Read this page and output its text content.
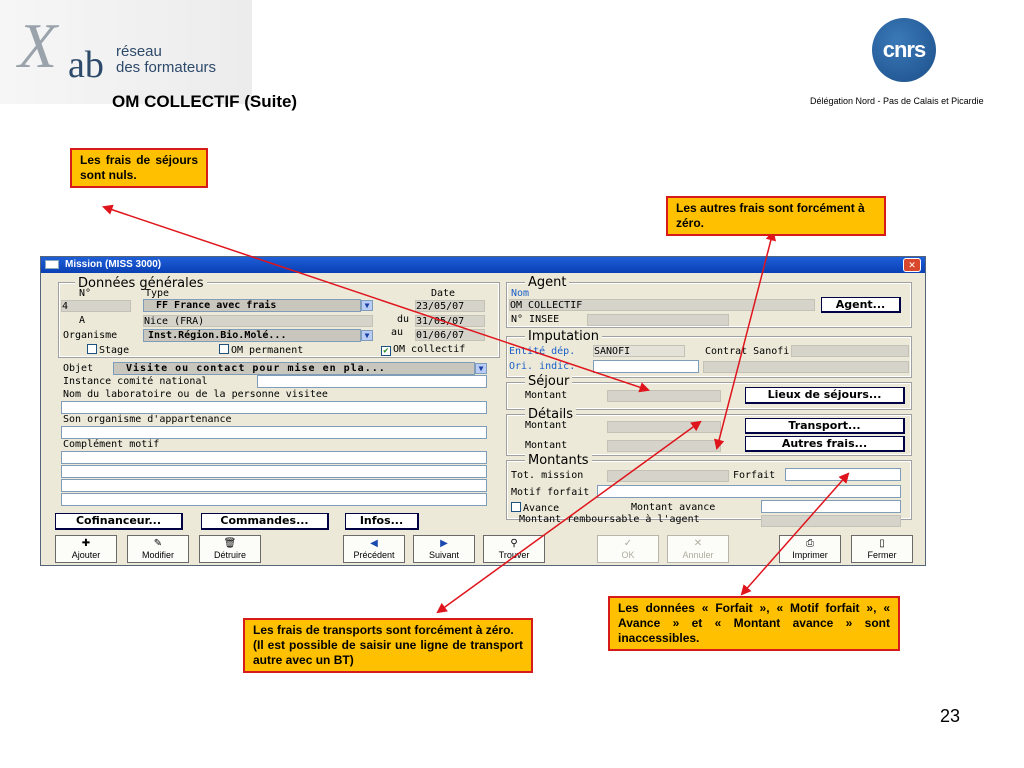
X ab réseau
des formateurs
OM COLLECTIF (Suite)
cnrs
Délégation Nord - Pas de Calais et Picardie
23
Mission (MISS 3000)	✕
Données générales
N°	Type	Date
4	FF France avec frais	▼	23/05/07
A	Nice (FRA)	du 31/05/07
Organisme	Inst.Région.Bio.Molé...	▼	au 01/06/07
Stage	OM permanent	✔ OM collectif
Objet	Visite ou contact pour mise en pla...	▼
Instance comité national
Nom du laboratoire ou de la personne visitee
Son organisme d'appartenance
Complément motif
Cofinanceur...	Commandes...	Infos...
Agent
Nom
OM COLLECTIF	Agent...
N° INSEE
Imputation
Entité dép. SANOFI	Contrat Sanofi
Ori. indic.
Séjour
Montant	Lieux de séjours...
Détails
Montant	Transport...
Montant	Autres frais...
Montants
Tot. mission	Forfait
Motif forfait
Avance	Montant avance
Montant remboursable à l'agent
✚
Ajouter
✎
Modifier
🗑
Détruire
◀
Précédent
▶
Suivant
⚲
Trouver
✓
OK
✕
Annuler
⎙
Imprimer
▯
Fermer
Les frais de séjours sont nuls.
Les autres frais sont forcément à zéro.
Les frais de transports sont forcément à zéro.
(Il est possible de saisir une ligne de transport autre avec un BT)
Les données « Forfait », « Motif forfait », « Avance » et « Montant avance » sont inaccessibles.
